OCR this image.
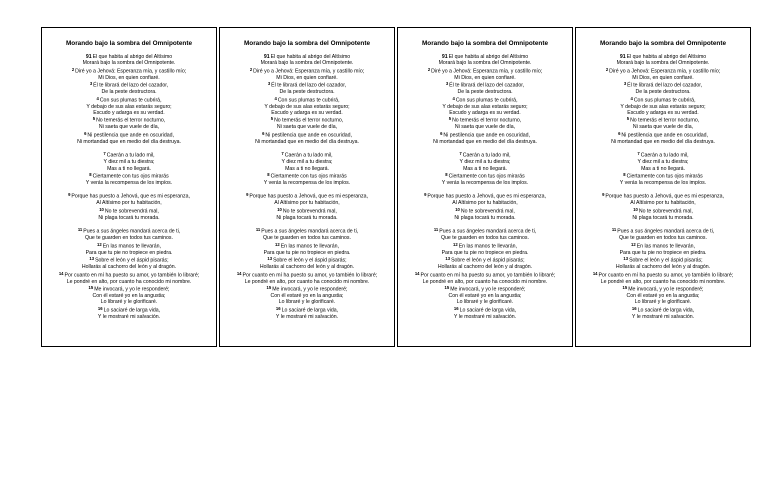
Morando bajo la sombra del Omnipotente
91El que habita al abrigo del Altísimo
Morará bajo la sombra del Omnipotente.
$^2$Diré yo a Jehová: Esperanza mía, y castillo mío;
Mi Dios, en quien confiaré.
$^3$Él te librará del lazo del cazador,
De la peste destructora.
$^4$Con sus plumas te cubrirá,
Y debajo de sus alas estarás seguro;
Escudo y adarga es su verdad.
$^5$No temerás el terror nocturno,
Ni saeta que vuele de día,
$^6$Ni pestilencia que ande en oscuridad,
Ni mortandad que en medio del día destruya.
$^7$Caerán a tu lado mil,
Y diez mil a tu diestra;
Mas a ti no llegará.
$^8$Ciertamente con tus ojos mirarás
Y verás la recompensa de los impíos.
$^9$Porque has puesto a Jehová, que es mi esperanza,
Al Altísimo por tu habitación,
$^{10}$No te sobrevendrá mal,
Ni plaga tocará tu morada.
$^{11}$Pues a sus ángeles mandará acerca de ti,
Que te guarden en todos tus caminos.
$^{12}$En las manos te llevarán,
Para que tu pie no tropiece en piedra.
$^{13}$Sobre el león y el áspid pisarás;
Hollarás al cachorro del león y al dragón.
$^{14}$Por cuanto en mí ha puesto su amor, yo también lo libraré;
Le pondré en alto, por cuanto ha conocido mi nombre.
$^{15}$Me invocará, y yo le responderé;
Con él estaré yo en la angustia;
Lo libraré y le glorificaré.
$^{16}$Lo saciaré de larga vida,
Y le mostraré mi salvación.
Morando bajo la sombra del Omnipotente
91El que habita al abrigo del Altísimo
Morará bajo la sombra del Omnipotente.
$^2$Diré yo a Jehová: Esperanza mía, y castillo mío;
Mi Dios, en quien confiaré.
$^3$Él te librará del lazo del cazador,
De la peste destructora.
$^4$Con sus plumas te cubrirá,
Y debajo de sus alas estarás seguro;
Escudo y adarga es su verdad.
$^5$No temerás el terror nocturno,
Ni saeta que vuele de día,
$^6$Ni pestilencia que ande en oscuridad,
Ni mortandad que en medio del día destruya.
$^7$Caerán a tu lado mil,
Y diez mil a tu diestra;
Mas a ti no llegará.
$^8$Ciertamente con tus ojos mirarás
Y verás la recompensa de los impíos.
$^9$Porque has puesto a Jehová, que es mi esperanza,
Al Altísimo por tu habitación,
$^{10}$No te sobrevendrá mal,
Ni plaga tocará tu morada.
$^{11}$Pues a sus ángeles mandará acerca de ti,
Que te guarden en todos tus caminos.
$^{12}$En las manos te llevarán,
Para que tu pie no tropiece en piedra.
$^{13}$Sobre el león y el áspid pisarás;
Hollarás al cachorro del león y al dragón.
$^{14}$Por cuanto en mí ha puesto su amor, yo también lo libraré;
Le pondré en alto, por cuanto ha conocido mi nombre.
$^{15}$Me invocará, y yo le responderé;
Con él estaré yo en la angustia;
Lo libraré y le glorificaré.
$^{16}$Lo saciaré de larga vida,
Y le mostraré mi salvación.
Morando bajo la sombra del Omnipotente
91El que habita al abrigo del Altísimo
Morará bajo la sombra del Omnipotente.
$^2$Diré yo a Jehová: Esperanza mía, y castillo mío;
Mi Dios, en quien confiaré.
$^3$Él te librará del lazo del cazador,
De la peste destructora.
$^4$Con sus plumas te cubrirá,
Y debajo de sus alas estarás seguro;
Escudo y adarga es su verdad.
$^5$No temerás el terror nocturno,
Ni saeta que vuele de día,
$^6$Ni pestilencia que ande en oscuridad,
Ni mortandad que en medio del día destruya.
$^7$Caerán a tu lado mil,
Y diez mil a tu diestra;
Mas a ti no llegará.
$^8$Ciertamente con tus ojos mirarás
Y verás la recompensa de los impíos.
$^9$Porque has puesto a Jehová, que es mi esperanza,
Al Altísimo por tu habitación,
$^{10}$No te sobrevendrá mal,
Ni plaga tocará tu morada.
$^{11}$Pues a sus ángeles mandará acerca de ti,
Que te guarden en todos tus caminos.
$^{12}$En las manos te llevarán,
Para que tu pie no tropiece en piedra.
$^{13}$Sobre el león y el áspid pisarás;
Hollarás al cachorro del león y al dragón.
$^{14}$Por cuanto en mí ha puesto su amor, yo también lo libraré;
Le pondré en alto, por cuanto ha conocido mi nombre.
$^{15}$Me invocará, y yo le responderé;
Con él estaré yo en la angustia;
Lo libraré y le glorificaré.
$^{16}$Lo saciaré de larga vida,
Y le mostraré mi salvación.
Morando bajo la sombra del Omnipotente
91El que habita al abrigo del Altísimo
Morará bajo la sombra del Omnipotente.
$^2$Diré yo a Jehová: Esperanza mía, y castillo mío;
Mi Dios, en quien confiaré.
$^3$Él te librará del lazo del cazador,
De la peste destructora.
$^4$Con sus plumas te cubrirá,
Y debajo de sus alas estarás seguro;
Escudo y adarga es su verdad.
$^5$No temerás el terror nocturno,
Ni saeta que vuele de día,
$^6$Ni pestilencia que ande en oscuridad,
Ni mortandad que en medio del día destruya.
$^7$Caerán a tu lado mil,
Y diez mil a tu diestra;
Mas a ti no llegará.
$^8$Ciertamente con tus ojos mirarás
Y verás la recompensa de los impíos.
$^9$Porque has puesto a Jehová, que es mi esperanza,
Al Altísimo por tu habitación,
$^{10}$No te sobrevendrá mal,
Ni plaga tocará tu morada.
$^{11}$Pues a sus ángeles mandará acerca de ti,
Que te guarden en todos tus caminos.
$^{12}$En las manos te llevarán,
Para que tu pie no tropiece en piedra.
$^{13}$Sobre el león y el áspid pisarás;
Hollarás al cachorro del león y al dragón.
$^{14}$Por cuanto en mí ha puesto su amor, yo también lo libraré;
Le pondré en alto, por cuanto ha conocido mi nombre.
$^{15}$Me invocará, y yo le responderé;
Con él estaré yo en la angustia;
Lo libraré y le glorificaré.
$^{16}$Lo saciaré de larga vida,
Y le mostraré mi salvación.
